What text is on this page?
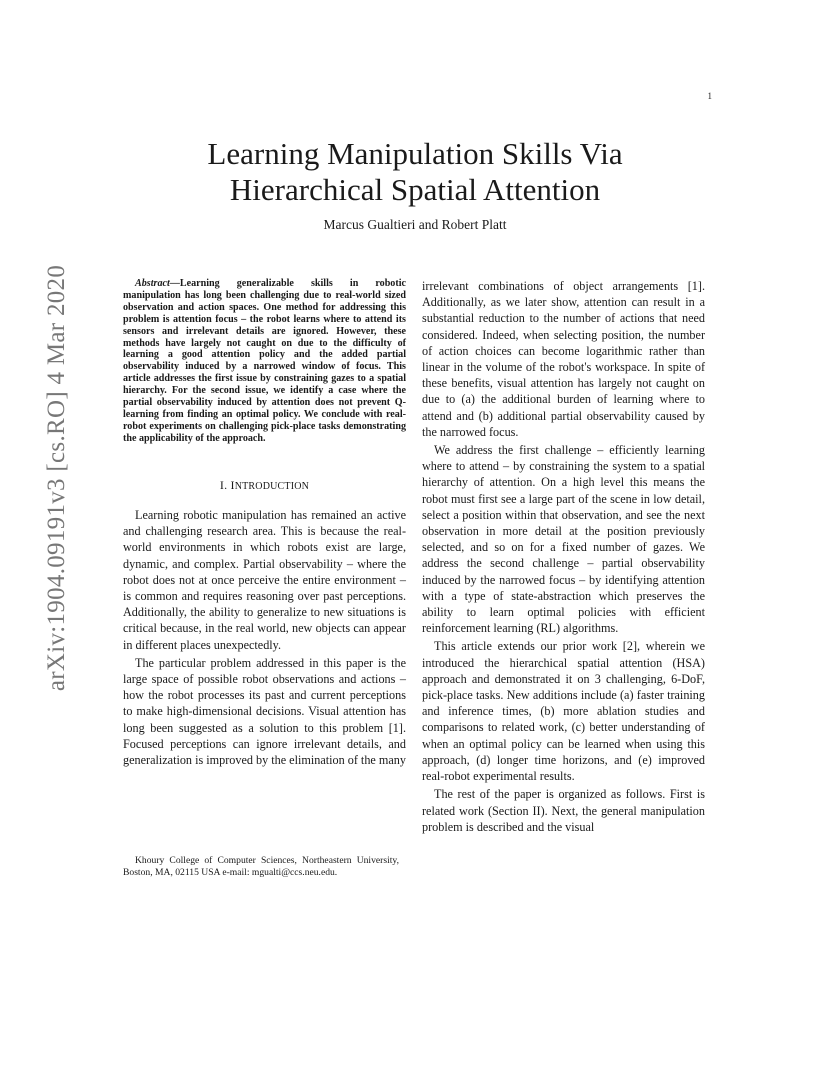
1
arXiv:1904.09191v3 [cs.RO] 4 Mar 2020
Learning Manipulation Skills Via
Hierarchical Spatial Attention
Marcus Gualtieri and Robert Platt

Abstract—Learning generalizable skills in robotic manipulation has long been challenging due to real-world sized observation and action spaces. One method for addressing this problem is attention focus – the robot learns where to attend its sensors and irrelevant details are ignored. However, these methods have largely not caught on due to the difficulty of learning a good attention policy and the added partial observability induced by a narrowed window of focus. This article addresses the first issue by constraining gazes to a spatial hierarchy. For the second issue, we identify a case where the partial observability induced by attention does not prevent Q-learning from finding an optimal policy. We conclude with real-robot experiments on challenging pick-place tasks demonstrating the applicability of the approach.

I. INTRODUCTION

Learning robotic manipulation has remained an active and challenging research area. This is because the real-world environments in which robots exist are large, dynamic, and complex. Partial observability – where the robot does not at once perceive the entire environment – is common and requires reasoning over past perceptions. Additionally, the ability to generalize to new situations is critical because, in the real world, new objects can appear in different places unexpectedly.

The particular problem addressed in this paper is the large space of possible robot observations and actions – how the robot processes its past and current perceptions to make high-dimensional decisions. Visual attention has long been suggested as a solution to this problem [1]. Focused perceptions can ignore irrelevant details, and generalization is improved by the elimination of the many

irrelevant combinations of object arrangements [1]. Additionally, as we later show, attention can result in a substantial reduction to the number of actions that need considered. Indeed, when selecting position, the number of action choices can become logarithmic rather than linear in the volume of the robot's workspace. In spite of these benefits, visual attention has largely not caught on due to (a) the additional burden of learning where to attend and (b) additional partial observability caused by the narrowed focus.

We address the first challenge – efficiently learning where to attend – by constraining the system to a spatial hierarchy of attention. On a high level this means the robot must first see a large part of the scene in low detail, select a position within that observation, and see the next observation in more detail at the position previously selected, and so on for a fixed number of gazes. We address the second challenge – partial observability induced by the narrowed focus – by identifying attention with a type of state-abstraction which preserves the ability to learn optimal policies with efficient reinforcement learning (RL) algorithms.

This article extends our prior work [2], wherein we introduced the hierarchical spatial attention (HSA) approach and demonstrated it on 3 challenging, 6-DoF, pick-place tasks. New additions include (a) faster training and inference times, (b) more ablation studies and comparisons to related work, (c) better understanding of when an optimal policy can be learned when using this approach, (d) longer time horizons, and (e) improved real-robot experimental results.

The rest of the paper is organized as follows. First is related work (Section II). Next, the general manipulation problem is described and the visual

Khoury College of Computer Sciences, Northeastern University, Boston, MA, 02115 USA e-mail: mgualti@ccs.neu.edu.
